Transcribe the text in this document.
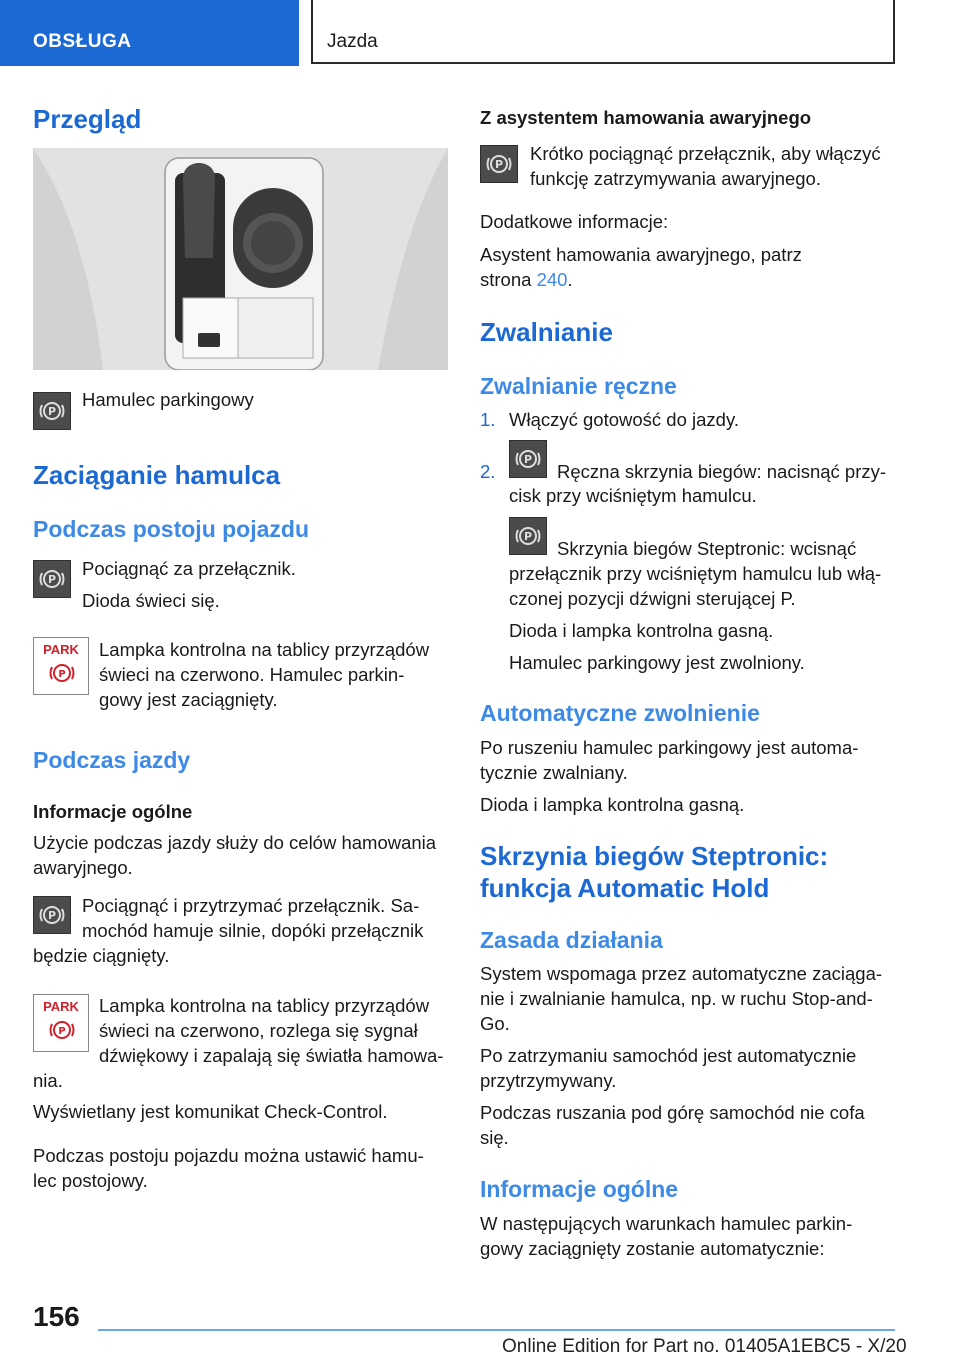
OBSŁUGA	Jazda
Przegląd
P
Hamulec parkingowy
Zaciąganie hamulca
Podczas postoju pojazdu
P
Pociągnąć za przełącznik.
Dioda świeci się.
PARK
P
Lampka kontrolna na tablicy przyrządów
świeci na czerwono. Hamulec parkin‐
gowy jest zaciągnięty.
Podczas jazdy
Informacje ogólne
Użycie podczas jazdy służy do celów hamowania
awaryjnego.
P Pociągnąć i przytrzymać przełącznik. Sa‐
mochód hamuje silnie, dopóki przełącznik
będzie ciągnięty.
PARK
P
Lampka kontrolna na tablicy przyrządów
świeci na czerwono, rozlega się sygnał
dźwiękowy i zapalają się światła hamowa‐
nia.
Wyświetlany jest komunikat Check-Control.
Podczas postoju pojazdu można ustawić hamu‐
lec postojowy.
Z asystentem hamowania awaryjnego
P
Krótko pociągnąć przełącznik, aby włączyć
funkcję zatrzymywania awaryjnego.
Dodatkowe informacje:
Asystent hamowania awaryjnego, patrz
strona 240.
Zwalnianie
Zwalnianie ręczne
1. Włączyć gotowość do jazdy.
2.
P
Ręczna skrzynia biegów: nacisnąć przy‐
cisk przy wciśniętym hamulcu.
P
Skrzynia biegów Steptronic: wcisnąć
przełącznik przy wciśniętym hamulcu lub włą‐
czonej pozycji dźwigni sterującej P.
Dioda i lampka kontrolna gasną.
Hamulec parkingowy jest zwolniony.
Automatyczne zwolnienie
Po ruszeniu hamulec parkingowy jest automa‐
tycznie zwalniany.
Dioda i lampka kontrolna gasną.
Skrzynia biegów Steptronic:
funkcja Automatic Hold
Zasada działania
System wspomaga przez automatyczne zaciąga‐
nie i zwalnianie hamulca, np. w ruchu Stop-and-
Go.
Po zatrzymaniu samochód jest automatycznie
przytrzymywany.
Podczas ruszania pod górę samochód nie cofa
się.
Informacje ogólne
W następujących warunkach hamulec parkin‐
gowy zaciągnięty zostanie automatycznie:
156
Online Edition for Part no. 01405A1EBC5 - X/20
